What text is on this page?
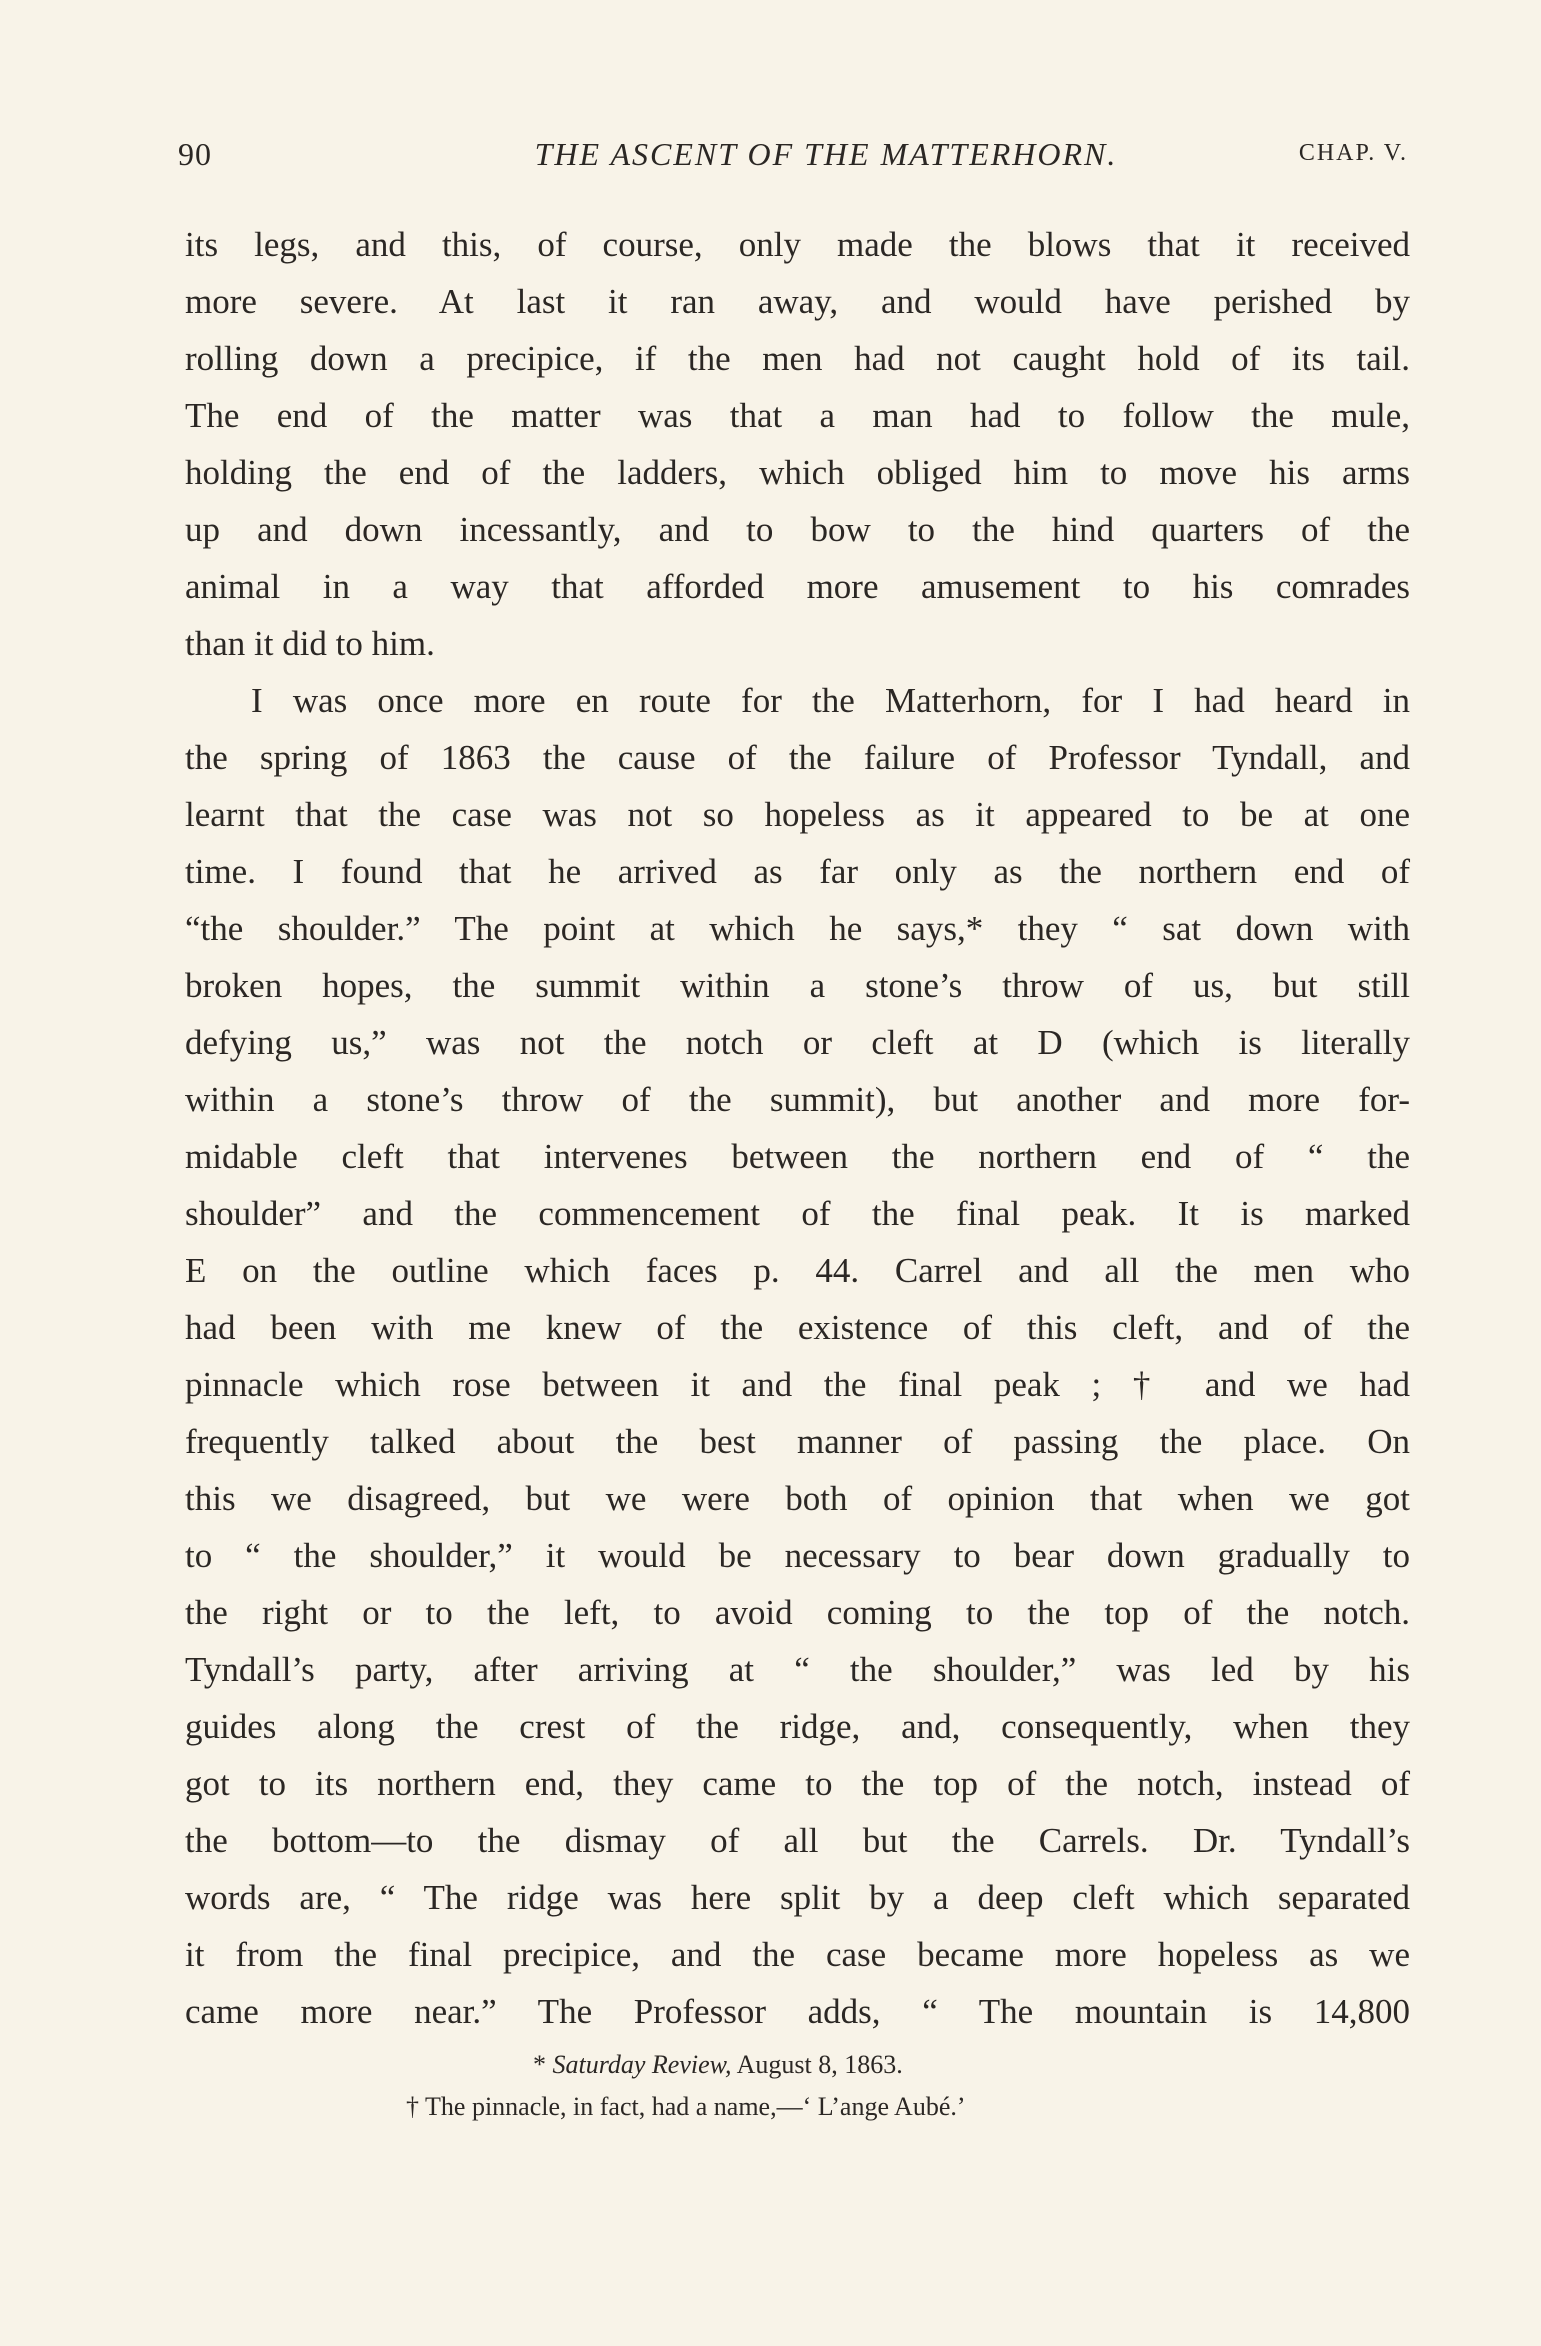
90	THE ASCENT OF THE MATTERHORN.	CHAP. V.
its legs, and this, of course, only made the blows that it received
more severe. At last it ran away, and would have perished by
rolling down a precipice, if the men had not caught hold of its tail.
The end of the matter was that a man had to follow the mule,
holding the end of the ladders, which obliged him to move his arms
up and down incessantly, and to bow to the hind quarters of the
animal in a way that afforded more amusement to his comrades
than it did to him.
I was once more en route for the Matterhorn, for I had heard in
the spring of 1863 the cause of the failure of Professor Tyndall, and
learnt that the case was not so hopeless as it appeared to be at one
time. I found that he arrived as far only as the northern end of
“the shoulder.” The point at which he says,* they “ sat down with
broken hopes, the summit within a stone’s throw of us, but still
defying us,” was not the notch or cleft at D (which is literally
within a stone’s throw of the summit), but another and more for-
midable cleft that intervenes between the northern end of “ the
shoulder” and the commencement of the final peak. It is marked
E on the outline which faces p. 44. Carrel and all the men who
had been with me knew of the existence of this cleft, and of the
pinnacle which rose between it and the final peak ; † and we had
frequently talked about the best manner of passing the place. On
this we disagreed, but we were both of opinion that when we got
to “ the shoulder,” it would be necessary to bear down gradually to
the right or to the left, to avoid coming to the top of the notch.
Tyndall’s party, after arriving at “ the shoulder,” was led by his
guides along the crest of the ridge, and, consequently, when they
got to its northern end, they came to the top of the notch, instead of
the bottom—to the dismay of all but the Carrels. Dr. Tyndall’s
words are, “ The ridge was here split by a deep cleft which separated
it from the final precipice, and the case became more hopeless as we
came more near.” The Professor adds, “ The mountain is 14,800
* Saturday Review, August 8, 1863.
† The pinnacle, in fact, had a name,—‘ L’ange Aubé.’
